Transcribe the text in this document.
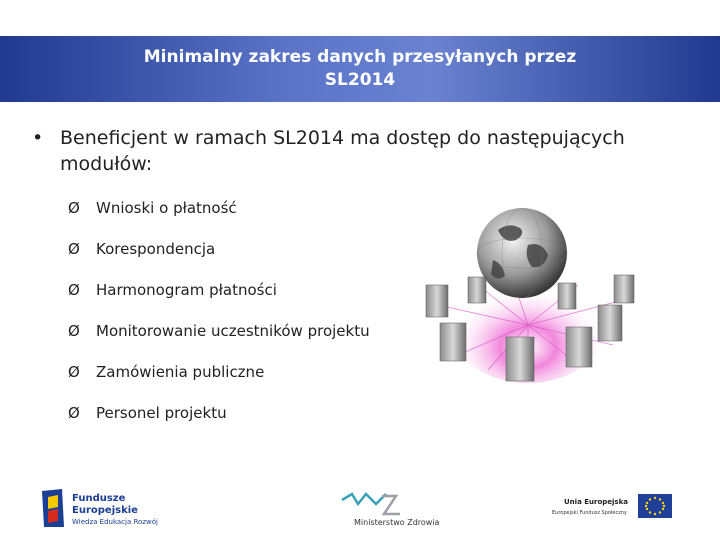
Minimalny zakres danych przesyłanych przez
SL2014
• Beneficjent w ramach SL2014 ma dostęp do następujących modułów:
Ø	Wnioski o płatność
Ø	Korespondencja
Ø	Harmonogram płatności
Ø	Monitorowanie uczestników projektu
Ø	Zamówienia publiczne
Ø	Personel projektu
Fundusze
Europejskie
Wiedza Edukacja Rozwój	Ministerstwo Zdrowia
Unia Europejska
Europejski Fundusz Społeczny
